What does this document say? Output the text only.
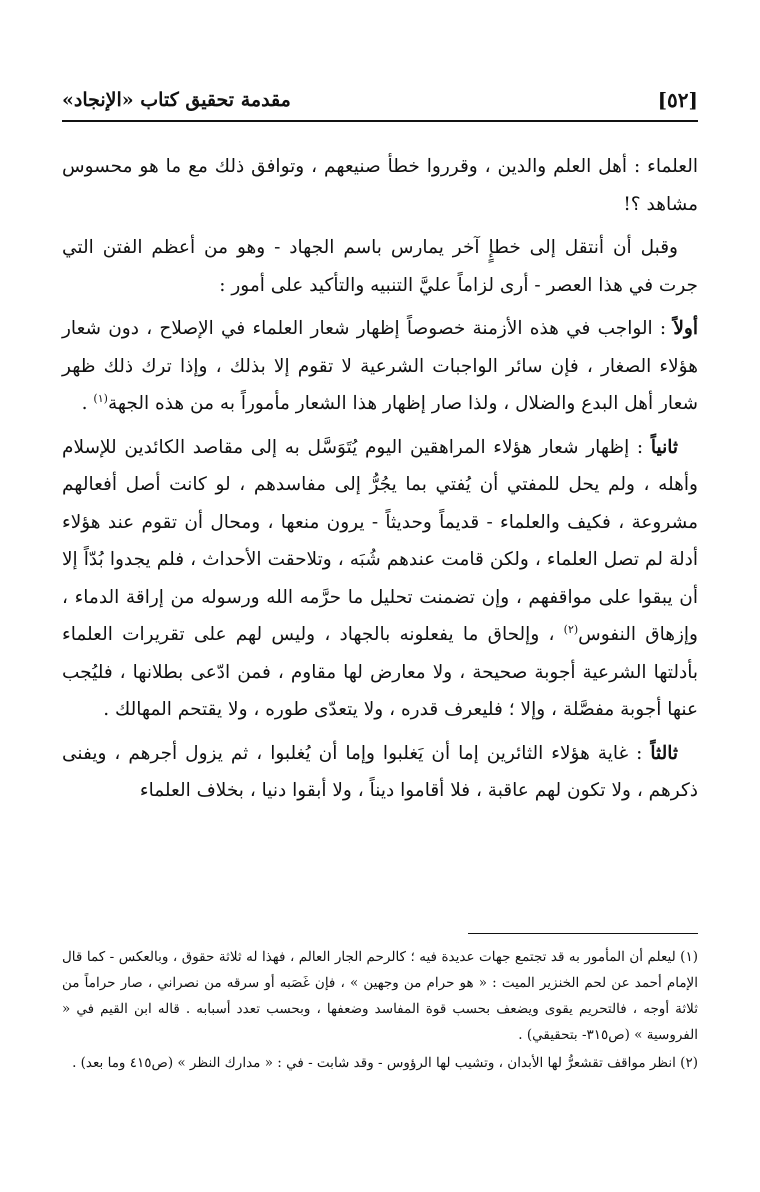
[٥٢]
مقدمة تحقيق كتاب «الإنجاد»

العلماء : أهل العلم والدين ، وقرروا خطأ صنيعهم ، وتوافق ذلك مع ما هو محسوس مشاهد ؟!

وقبل أن أنتقل إلى خطإٍ آخر يمارس باسم الجهاد - وهو من أعظم الفتن التي جرت في هذا العصر - أرى لزاماً عليَّ التنبيه والتأكيد على أمور :

أولاً : الواجب في هذه الأزمنة خصوصاً إظهار شعار العلماء في الإصلاح ، دون شعار هؤلاء الصغار ، فإن سائر الواجبات الشرعية لا تقوم إلا بذلك ، وإذا ترك ذلك ظهر شعار أهل البدع والضلال ، ولذا صار إظهار هذا الشعار مأموراً به من هذه الجهة$^{(١)}$ .

ثانياً : إظهار شعار هؤلاء المراهقين اليوم يُتَوَسَّل به إلى مقاصد الكائدين للإسلام وأهله ، ولم يحل للمفتي أن يُفتي بما يجُرُّ إلى مفاسدهم ، لو كانت أصل أفعالهم مشروعة ، فكيف والعلماء - قديماً وحديثاً - يرون منعها ، ومحال أن تقوم عند هؤلاء أدلة لم تصل العلماء ، ولكن قامت عندهم شُبَه ، وتلاحقت الأحداث ، فلم يجدوا بُدّاً إلا أن يبقوا على مواقفهم ، وإن تضمنت تحليل ما حرَّمه الله ورسوله من إراقة الدماء ، وإزهاق النفوس$^{(٢)}$ ، وإلحاق ما يفعلونه بالجهاد ، وليس لهم على تقريرات العلماء بأدلتها الشرعية أجوبة صحيحة ، ولا معارض لها مقاوم ، فمن ادّعى بطلانها ، فليُجب عنها أجوبة مفصَّلة ، وإلا ؛ فليعرف قدره ، ولا يتعدّى طوره ، ولا يقتحم المهالك .

ثالثاً : غاية هؤلاء الثائرين إما أن يَغلبوا وإما أن يُغلبوا ، ثم يزول أجرهم ، ويفنى ذكرهم ، ولا تكون لهم عاقبة ، فلا أقاموا ديناً ، ولا أبقوا دنيا ، بخلاف العلماء

(١) ليعلم أن المأمور به قد تجتمع جهات عديدة فيه ؛ كالرحم الجار العالم ، فهذا له ثلاثة حقوق ، وبالعكس - كما قال الإمام أحمد عن لحم الخنزير الميت : « هو حرام من وجهين » ، فإن غَصَبه أو سرقه من نصراني ، صار حراماً من ثلاثة أوجه ، فالتحريم يقوى ويضعف بحسب قوة المفاسد وضعفها ، وبحسب تعدد أسبابه . قاله ابن القيم في « الفروسية » (ص٣١٥- بتحقيقي) .

(٢) انظر مواقف تقشعرُّ لها الأبدان ، وتشيب لها الرؤوس - وقد شابت - في : « مدارك النظر » (ص٤١٥ وما بعد) .
